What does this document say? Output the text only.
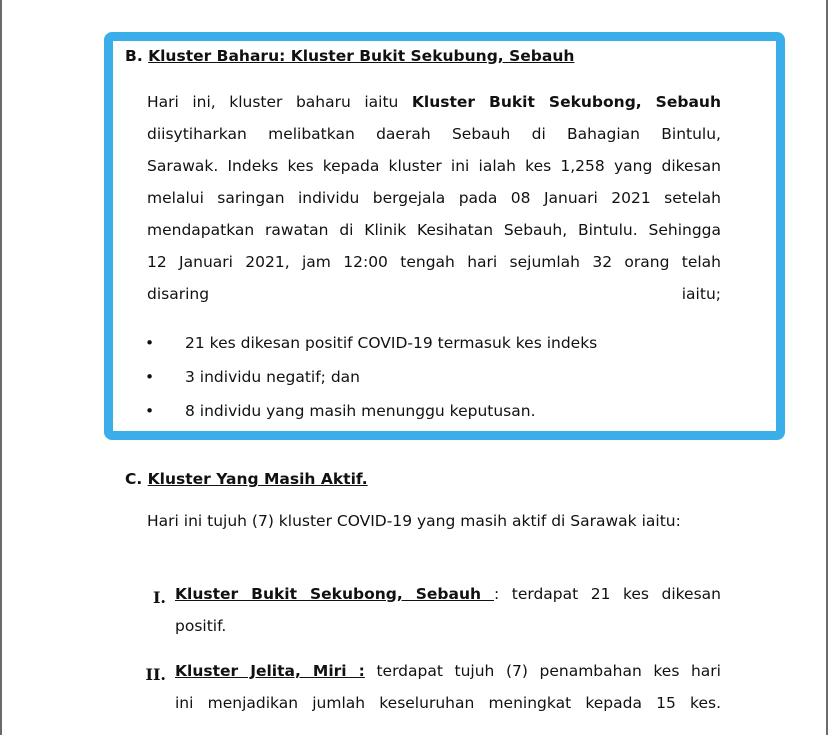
B. Kluster Baharu: Kluster Bukit Sekubung, Sebauh
Hari ini, kluster baharu iaitu Kluster Bukit Sekubong, Sebauh
diisytiharkan melibatkan daerah Sebauh di Bahagian Bintulu,
Sarawak. Indeks kes kepada kluster ini ialah kes 1,258 yang dikesan
melalui saringan individu bergejala pada 08 Januari 2021 setelah
mendapatkan rawatan di Klinik Kesihatan Sebauh, Bintulu. Sehingga
12 Januari 2021, jam 12:00 tengah hari sejumlah 32 orang telah
disaring iaitu;
• 21 kes dikesan positif COVID-19 termasuk kes indeks
• 3 individu negatif; dan
• 8 individu yang masih menunggu keputusan.
C. Kluster Yang Masih Aktif.
Hari ini tujuh (7) kluster COVID-19 yang masih aktif di Sarawak iaitu:
I. Kluster Bukit Sekubong, Sebauh : terdapat 21 kes dikesan
positif.
II. Kluster Jelita, Miri : terdapat tujuh (7) penambahan kes hari
ini menjadikan jumlah keseluruhan meningkat kepada 15 kes.
